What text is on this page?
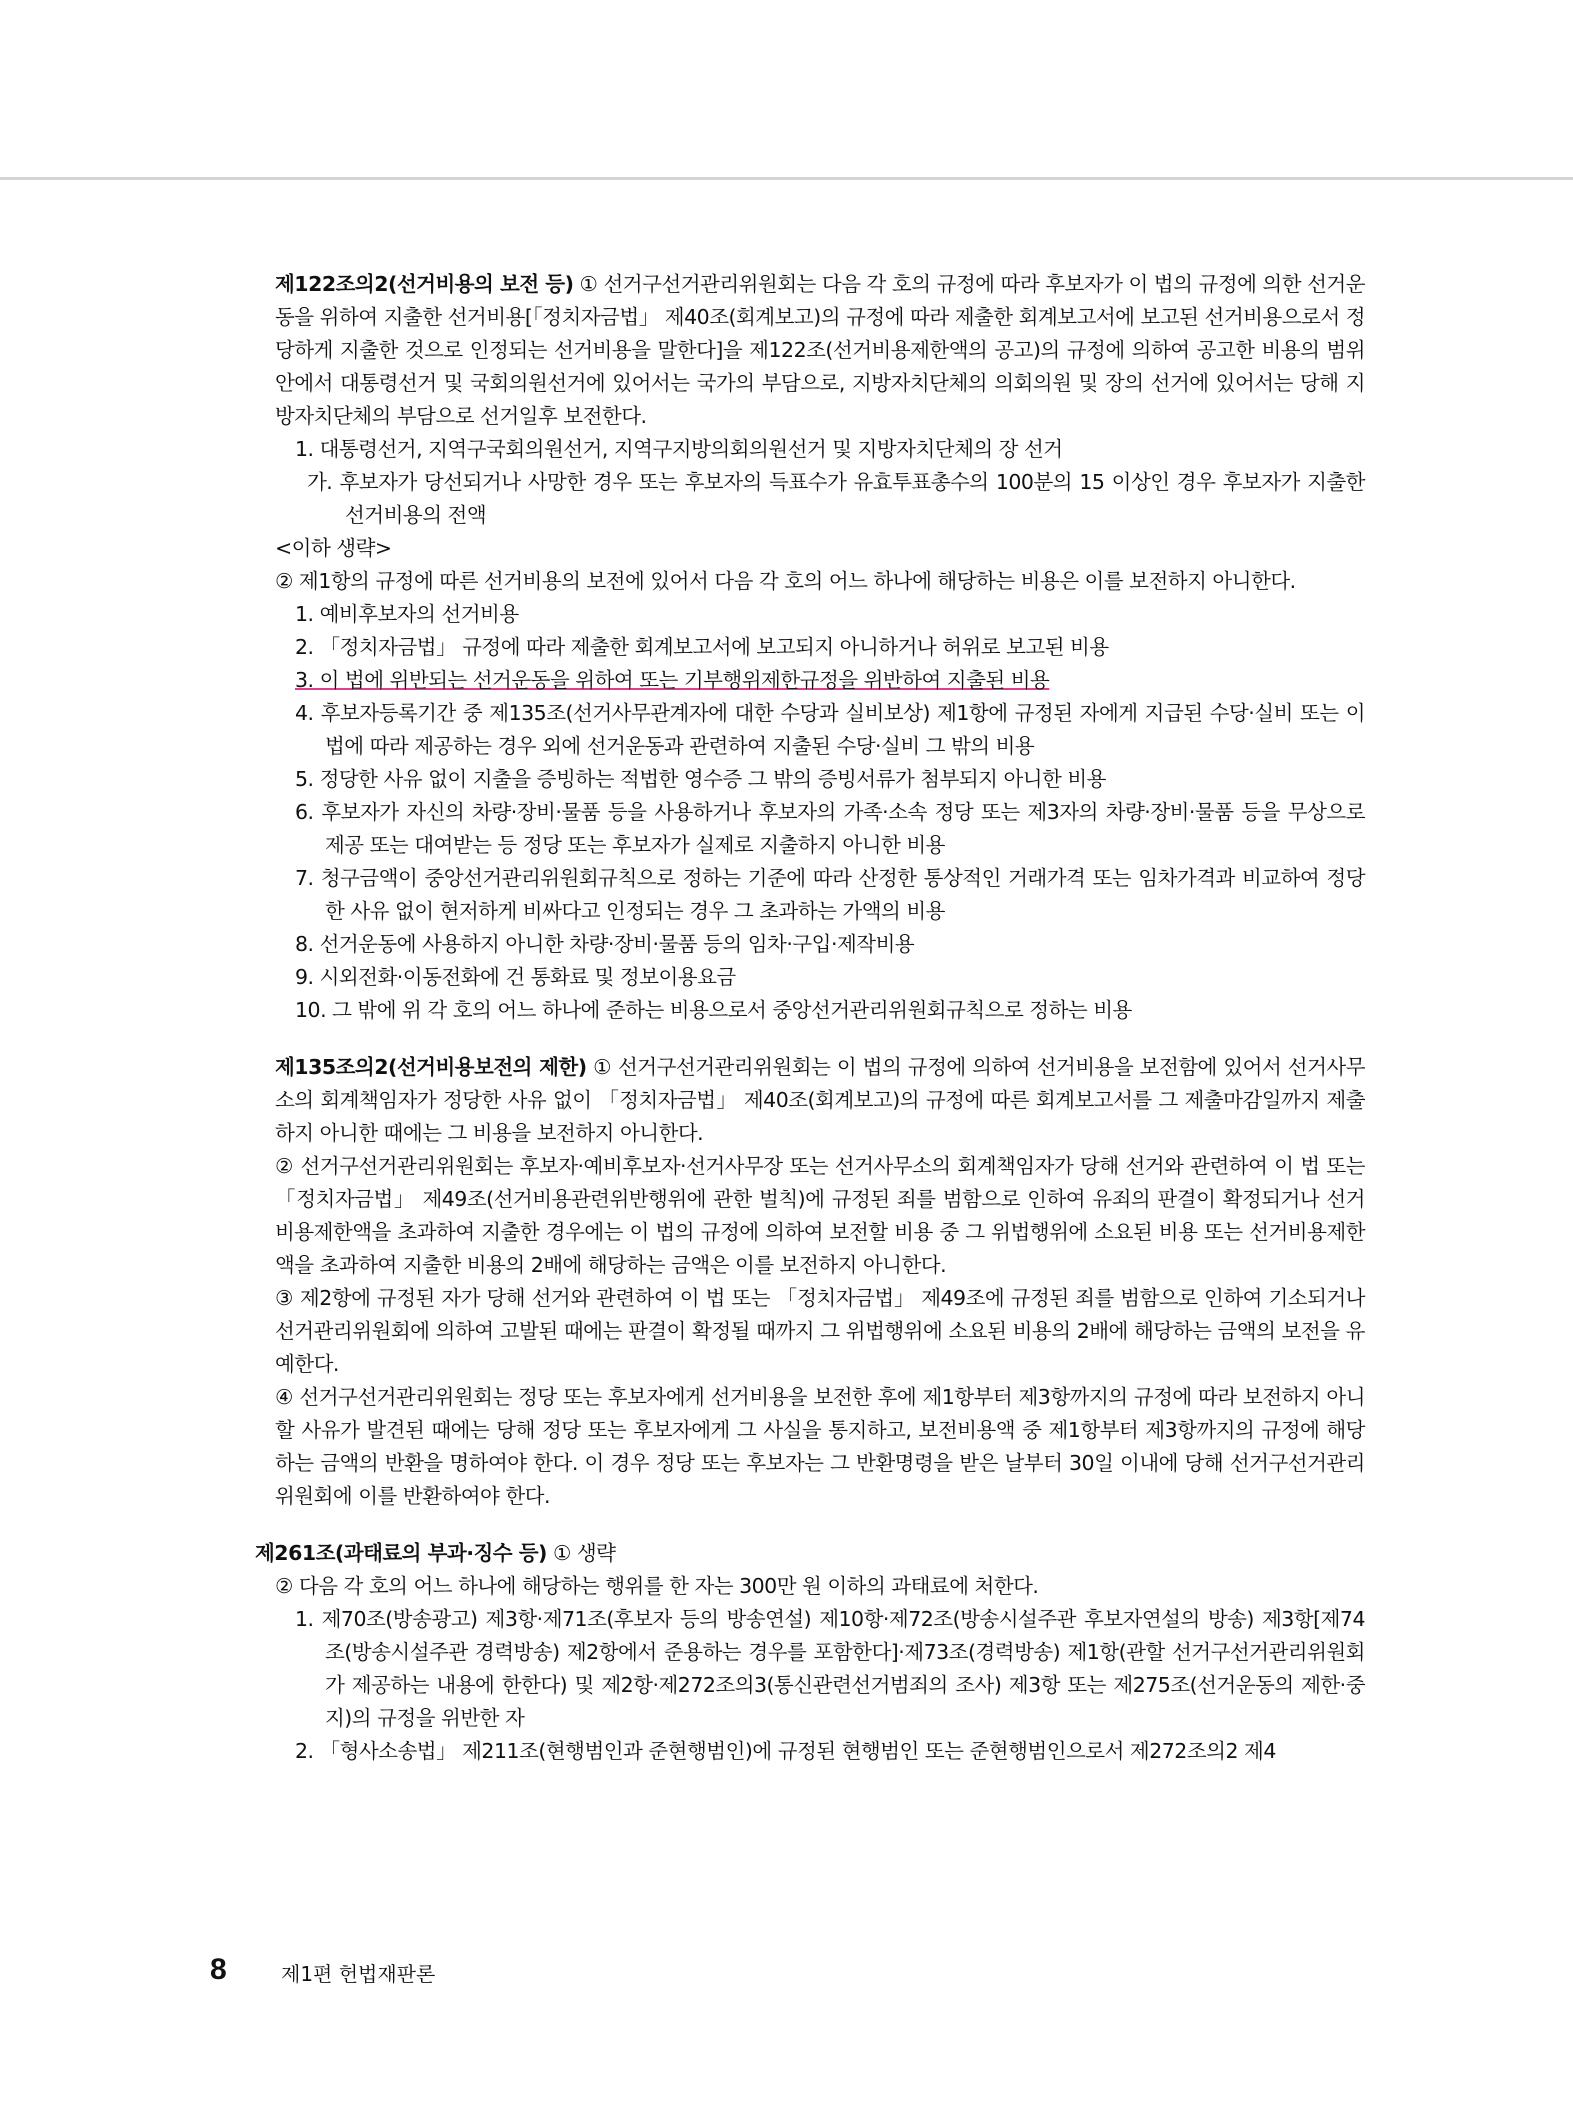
제122조의2(선거비용의 보전 등) ① 선거구선거관리위원회는 다음 각 호의 규정에 따라 후보자가 이 법의 규정에 의한 선거운동을 위하여 지출한 선거비용[「정치자금법」 제40조(회계보고)의 규정에 따라 제출한 회계보고서에 보고된 선거비용으로서 정당하게 지출한 것으로 인정되는 선거비용을 말한다]을 제122조(선거비용제한액의 공고)의 규정에 의하여 공고한 비용의 범위 안에서 대통령선거 및 국회의원선거에 있어서는 국가의 부담으로, 지방자치단체의 의회의원 및 장의 선거에 있어서는 당해 지방자치단체의 부담으로 선거일후 보전한다.

1. 대통령선거, 지역구국회의원선거, 지역구지방의회의원선거 및 지방자치단체의 장 선거
가. 후보자가 당선되거나 사망한 경우 또는 후보자의 득표수가 유효투표총수의 100분의 15 이상인 경우 후보자가 지출한 선거비용의 전액

<이하 생략>

② 제1항의 규정에 따른 선거비용의 보전에 있어서 다음 각 호의 어느 하나에 해당하는 비용은 이를 보전하지 아니한다.

1. 예비후보자의 선거비용
2. 「정치자금법」 규정에 따라 제출한 회계보고서에 보고되지 아니하거나 허위로 보고된 비용
3. 이 법에 위반되는 선거운동을 위하여 또는 기부행위제한규정을 위반하여 지출된 비용
4. 후보자등록기간 중 제135조(선거사무관계자에 대한 수당과 실비보상) 제1항에 규정된 자에게 지급된 수당·실비 또는 이 법에 따라 제공하는 경우 외에 선거운동과 관련하여 지출된 수당·실비 그 밖의 비용
5. 정당한 사유 없이 지출을 증빙하는 적법한 영수증 그 밖의 증빙서류가 첨부되지 아니한 비용
6. 후보자가 자신의 차량·장비·물품 등을 사용하거나 후보자의 가족·소속 정당 또는 제3자의 차량·장비·물품 등을 무상으로 제공 또는 대여받는 등 정당 또는 후보자가 실제로 지출하지 아니한 비용
7. 청구금액이 중앙선거관리위원회규칙으로 정하는 기준에 따라 산정한 통상적인 거래가격 또는 임차가격과 비교하여 정당한 사유 없이 현저하게 비싸다고 인정되는 경우 그 초과하는 가액의 비용
8. 선거운동에 사용하지 아니한 차량·장비·물품 등의 임차·구입·제작비용
9. 시외전화·이동전화에 건 통화료 및 정보이용요금
10. 그 밖에 위 각 호의 어느 하나에 준하는 비용으로서 중앙선거관리위원회규칙으로 정하는 비용

제135조의2(선거비용보전의 제한) ① 선거구선거관리위원회는 이 법의 규정에 의하여 선거비용을 보전함에 있어서 선거사무소의 회계책임자가 정당한 사유 없이 「정치자금법」 제40조(회계보고)의 규정에 따른 회계보고서를 그 제출마감일까지 제출하지 아니한 때에는 그 비용을 보전하지 아니한다.

② 선거구선거관리위원회는 후보자·예비후보자·선거사무장 또는 선거사무소의 회계책임자가 당해 선거와 관련하여 이 법 또는 「정치자금법」 제49조(선거비용관련위반행위에 관한 벌칙)에 규정된 죄를 범함으로 인하여 유죄의 판결이 확정되거나 선거비용제한액을 초과하여 지출한 경우에는 이 법의 규정에 의하여 보전할 비용 중 그 위법행위에 소요된 비용 또는 선거비용제한액을 초과하여 지출한 비용의 2배에 해당하는 금액은 이를 보전하지 아니한다.

③ 제2항에 규정된 자가 당해 선거와 관련하여 이 법 또는 「정치자금법」 제49조에 규정된 죄를 범함으로 인하여 기소되거나 선거관리위원회에 의하여 고발된 때에는 판결이 확정될 때까지 그 위법행위에 소요된 비용의 2배에 해당하는 금액의 보전을 유예한다.

④ 선거구선거관리위원회는 정당 또는 후보자에게 선거비용을 보전한 후에 제1항부터 제3항까지의 규정에 따라 보전하지 아니할 사유가 발견된 때에는 당해 정당 또는 후보자에게 그 사실을 통지하고, 보전비용액 중 제1항부터 제3항까지의 규정에 해당하는 금액의 반환을 명하여야 한다. 이 경우 정당 또는 후보자는 그 반환명령을 받은 날부터 30일 이내에 당해 선거구선거관리위원회에 이를 반환하여야 한다.

제261조(과태료의 부과·징수 등) ① 생략

② 다음 각 호의 어느 하나에 해당하는 행위를 한 자는 300만 원 이하의 과태료에 처한다.

1. 제70조(방송광고) 제3항·제71조(후보자 등의 방송연설) 제10항·제72조(방송시설주관 후보자연설의 방송) 제3항[제74조(방송시설주관 경력방송) 제2항에서 준용하는 경우를 포함한다]·제73조(경력방송) 제1항(관할 선거구선거관리위원회가 제공하는 내용에 한한다) 및 제2항·제272조의3(통신관련선거범죄의 조사) 제3항 또는 제275조(선거운동의 제한·중지)의 규정을 위반한 자
2. 「형사소송법」 제211조(현행범인과 준현행범인)에 규정된 현행범인 또는 준현행범인으로서 제272조의2 제4
8	제1편 헌법재판론
